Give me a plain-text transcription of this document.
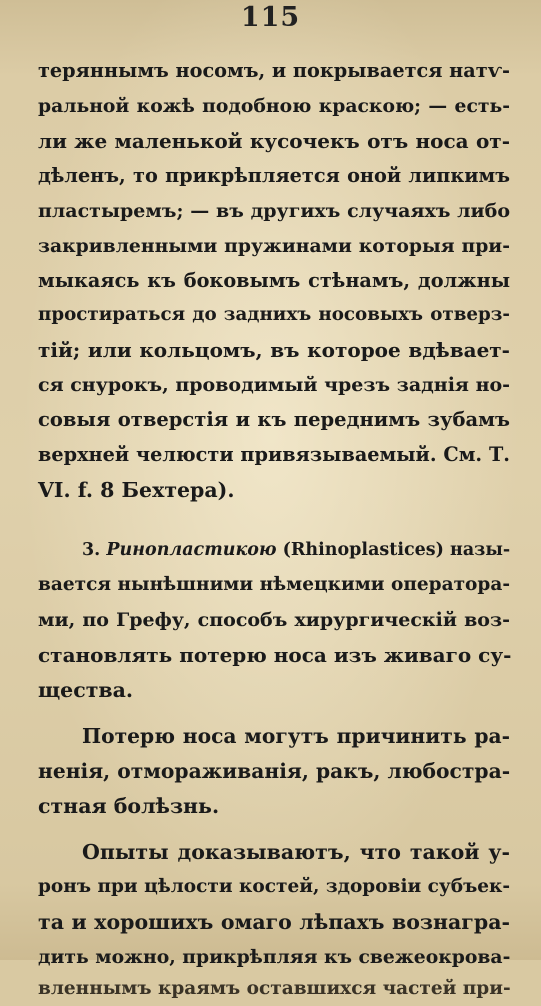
115
теряннымъ носомъ, и покрывается натѵ-
ральной кожѣ подобною краскою; — есть-
ли же маленькой кусочекъ отъ носа от-
дѣленъ, то прикрѣпляется оной липкимъ
пластыремъ; — въ другихъ случаяхъ либо
закривленными пружинами которыя при-
мыкаясь къ боковымъ стѣнамъ, должны
простираться до заднихъ носовыхъ отверз-
тій; или кольцомъ, въ которое вдѣвает-
ся снурокъ, проводимый чрезъ заднія но-
совыя отверстія и къ переднимъ зубамъ
верхней челюсти привязываемый. См. Т.
VI. f. 8 Бехтера).
3. Ринопластикою (Rhinoplastices) назы-
вается нынѣшними нѣмецкими оператора-
ми, по Грефу, способъ хирургическій воз-
становлять потерю носа изъ живаго су-
щества.
Потерю носа могутъ причинить ра-
ненія, отмораживанія, ракъ, любостра-
стная болѣзнь.
Опыты доказываютъ, что такой у-
ронъ при цѣлости костей, здоровіи субъек-
та и хорошихъ омаго лѣпахъ вознагра-
дить можно, прикрѣпляя къ свежеокрова-
вленнымъ краямъ оставшихся частей при-
